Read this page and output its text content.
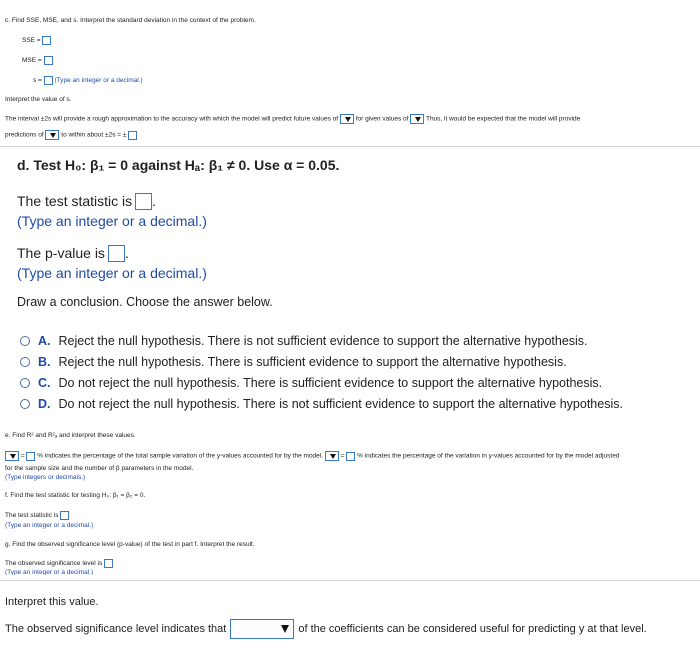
c. Find SSE, MSE, and s. Interpret the standard deviation in the context of the problem.
SSE =
MSE =
s = (Type an integer or a decimal.)
Interpret the value of s.
The interval ±2s will provide a rough approximation to the accuracy with which the model will predict future values of	for given values of	Thus, it would be expected that the model will provide
predictions of	to within about ±2s = ±
d. Test H₀: β₁ = 0 against Hₐ: β₁ ≠ 0. Use α = 0.05.
The test statistic is .
(Type an integer or a decimal.)
The p-value is .
(Type an integer or a decimal.)
Draw a conclusion. Choose the answer below.
A. Reject the null hypothesis. There is not sufficient evidence to support the alternative hypothesis.
B. Reject the null hypothesis. There is sufficient evidence to support the alternative hypothesis.
C. Do not reject the null hypothesis. There is sufficient evidence to support the alternative hypothesis.
D. Do not reject the null hypothesis. There is not sufficient evidence to support the alternative hypothesis.
e. Find R² and R²ₐ and interpret these values.
= % indicates the percentage of the total sample variation of the y-values accounted for by the model.	= % indicates the percentage of the variation in y-values accounted for by the model adjusted
for the sample size and the number of β parameters in the model.
(Type integers or decimals.)
f. Find the test statistic for testing H₀: β₁ = β₂ = 0.
The test statistic is
(Type an integer or a decimal.)
g. Find the observed significance level (p-value) of the test in part f. Interpret the result.
The observed significance level is
(Type an integer or a decimal.)
Interpret this value.
The observed significance level indicates that	of the coefficients can be considered useful for predicting y at that level.
